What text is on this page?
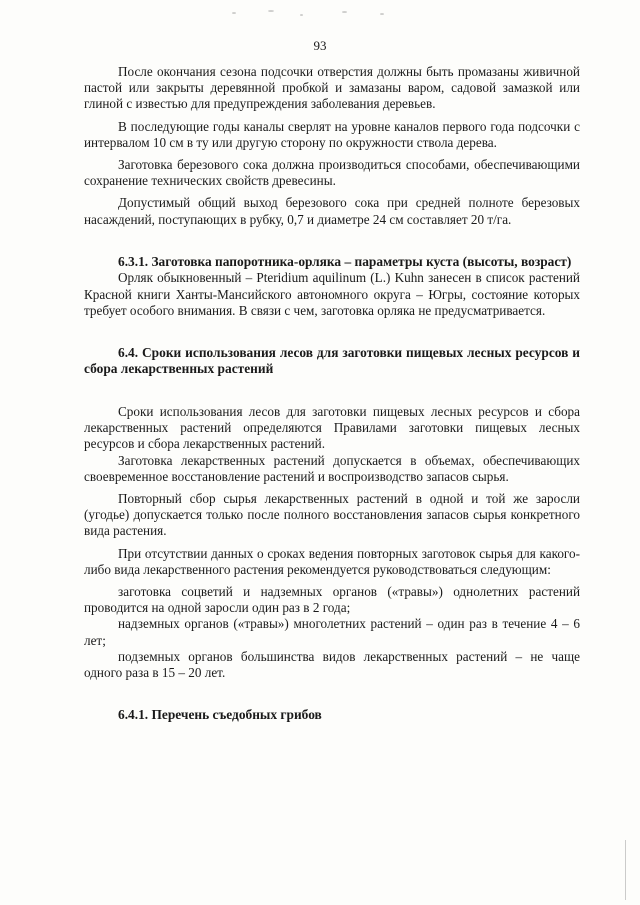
93

После окончания сезона подсочки отверстия должны быть промазаны живичной пастой или закрыты деревянной пробкой и замазаны варом, садовой замазкой или глиной с известью для предупреждения заболевания деревьев.

В последующие годы каналы сверлят на уровне каналов первого года подсочки с интервалом 10 см в ту или другую сторону по окружности ствола дерева.

Заготовка березового сока должна производиться способами, обеспечивающими сохранение технических свойств древесины.

Допустимый общий выход березового сока при средней полноте березовых насаждений, поступающих в рубку, 0,7 и диаметре 24 см составляет 20 т/га.

6.3.1. Заготовка папоротника-орляка – параметры куста (высоты, возраст)

Орляк обыкновенный – Pteridium aquilinum (L.) Kuhn занесен в список растений Красной книги Ханты-Мансийского автономного округа – Югры, состояние которых требует особого внимания. В связи с чем, заготовка орляка не предусматривается.

6.4. Сроки использования лесов для заготовки пищевых лесных ресурсов и сбора лекарственных растений

Сроки использования лесов для заготовки пищевых лесных ресурсов и сбора лекарственных растений определяются Правилами заготовки пищевых лесных ресурсов и сбора лекарственных растений.

Заготовка лекарственных растений допускается в объемах, обеспечивающих своевременное восстановление растений и воспроизводство запасов сырья.

Повторный сбор сырья лекарственных растений в одной и той же заросли (угодье) допускается только после полного восстановления запасов сырья конкретного вида растения.

При отсутствии данных о сроках ведения повторных заготовок сырья для какого-либо вида лекарственного растения рекомендуется руководствоваться следующим:

заготовка соцветий и надземных органов («травы») однолетних растений проводится на одной заросли один раз в 2 года;

надземных органов («травы») многолетних растений – один раз в течение 4 – 6 лет;

подземных органов большинства видов лекарственных растений – не чаще одного раза в 15 – 20 лет.

6.4.1. Перечень съедобных грибов
